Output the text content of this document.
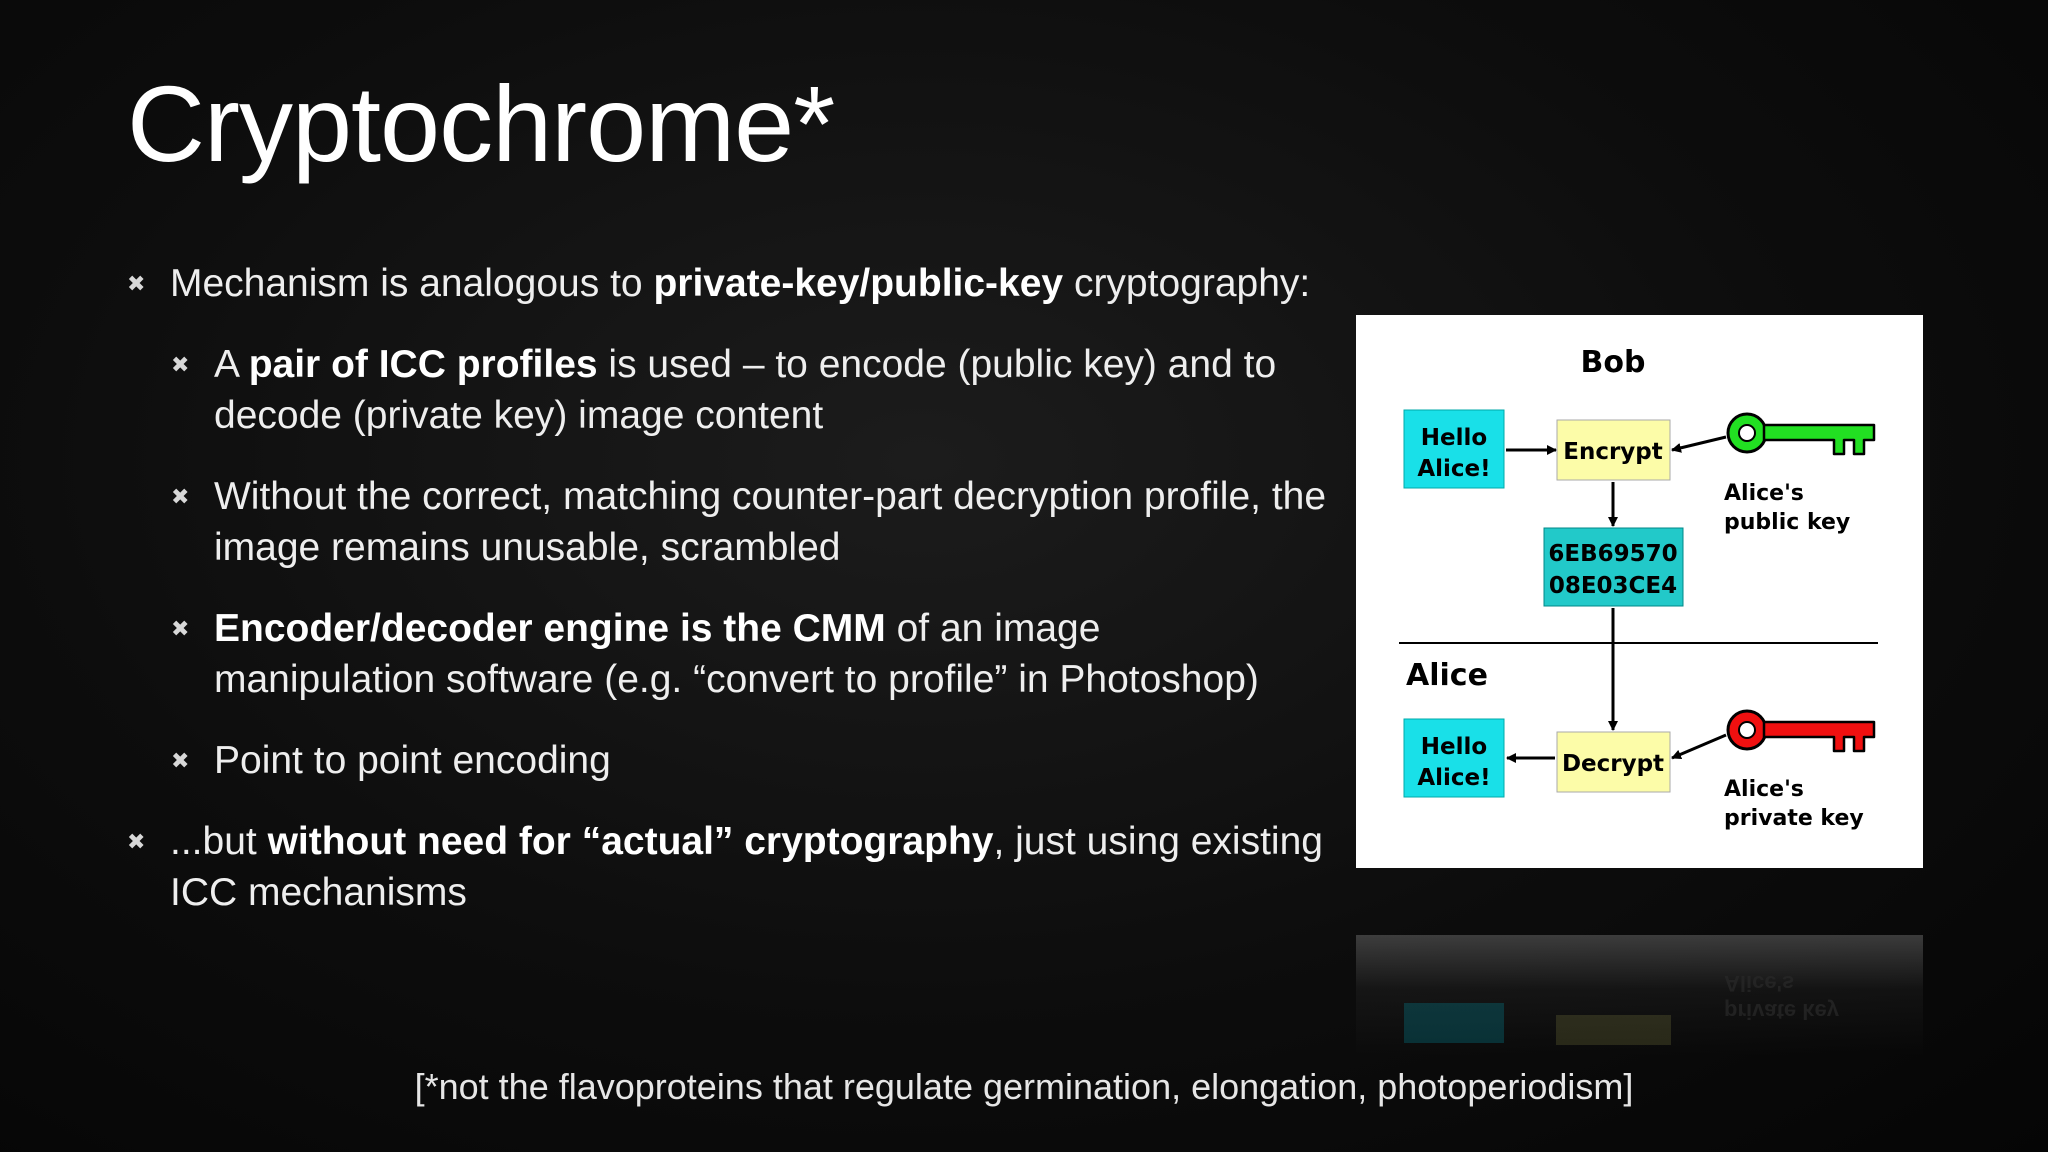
Cryptochrome*

✖ Mechanism is analogous to private-key/public-key cryptography:

✖ A pair of ICC profiles is used – to encode (public key) and to decode (private key) image content

✖ Without the correct, matching counter-part decryption profile, the image remains unusable, scrambled

✖ Encoder/decoder engine is the CMM of an image manipulation software (e.g. “convert to profile” in Photoshop)

✖ Point to point encoding

✖ ...but without need for “actual” cryptography, just using existing ICC mechanisms

Bob
Hello
Alice!
Encrypt
Alice's
public key
6EB69570
08E03CE4
Alice
Decrypt
Hello
Alice!	Alice's
private key
private key
Alice's
[*not the flavoproteins that regulate germination, elongation, photoperiodism]
